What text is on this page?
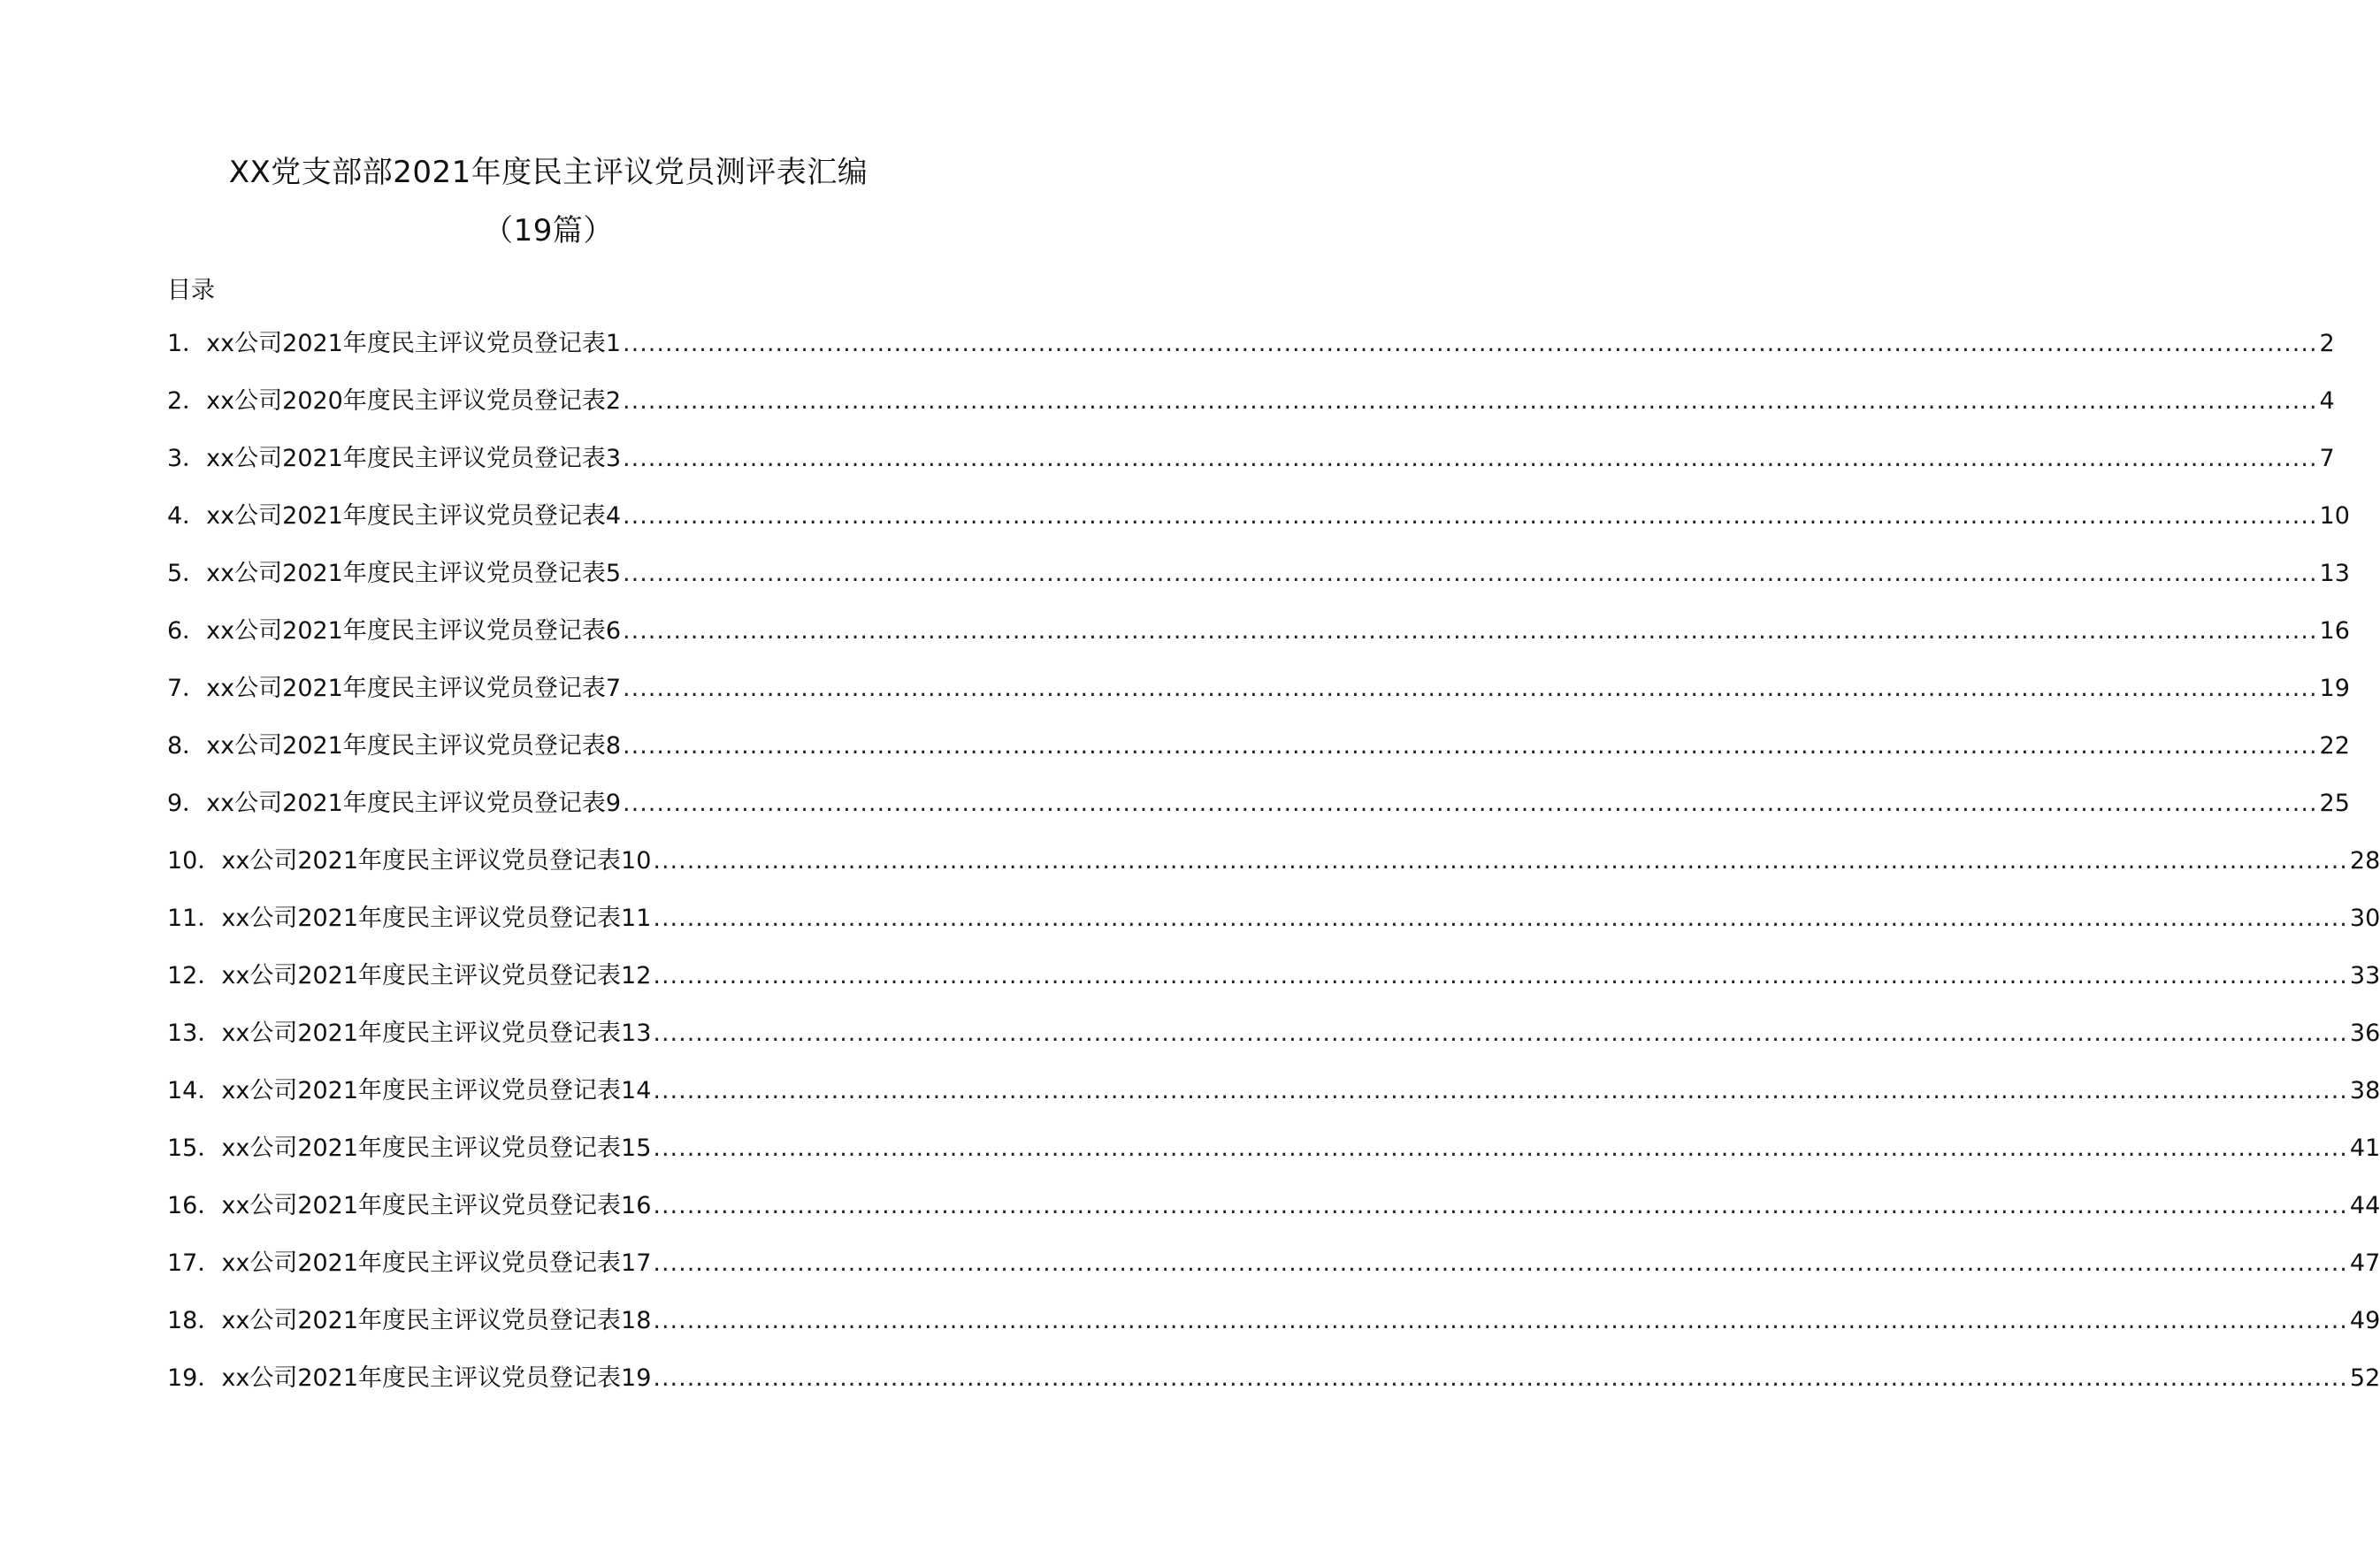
XX党支部部2021年度民主评议党员测评表汇编
（19篇）
目录
1．xx公司2021年度民主评议党员登记表1 ........................................................................................................................................................................................................ 2
2．xx公司2020年度民主评议党员登记表2 ........................................................................................................................................................................................................ 4
3．xx公司2021年度民主评议党员登记表3 ........................................................................................................................................................................................................ 7
4．xx公司2021年度民主评议党员登记表4 ........................................................................................................................................................................................................ 10
5．xx公司2021年度民主评议党员登记表5 ........................................................................................................................................................................................................ 13
6．xx公司2021年度民主评议党员登记表6 ........................................................................................................................................................................................................ 16
7．xx公司2021年度民主评议党员登记表7 ........................................................................................................................................................................................................ 19
8．xx公司2021年度民主评议党员登记表8 ........................................................................................................................................................................................................ 22
9．xx公司2021年度民主评议党员登记表9 ........................................................................................................................................................................................................ 25
10．xx公司2021年度民主评议党员登记表10 ........................................................................................................................................................................................................ 28
11．xx公司2021年度民主评议党员登记表11 ........................................................................................................................................................................................................ 30
12．xx公司2021年度民主评议党员登记表12 ........................................................................................................................................................................................................ 33
13．xx公司2021年度民主评议党员登记表13 ........................................................................................................................................................................................................ 36
14．xx公司2021年度民主评议党员登记表14 ........................................................................................................................................................................................................ 38
15．xx公司2021年度民主评议党员登记表15 ........................................................................................................................................................................................................ 41
16．xx公司2021年度民主评议党员登记表16 ........................................................................................................................................................................................................ 44
17．xx公司2021年度民主评议党员登记表17 ........................................................................................................................................................................................................ 47
18．xx公司2021年度民主评议党员登记表18 ........................................................................................................................................................................................................ 49
19．xx公司2021年度民主评议党员登记表19 ........................................................................................................................................................................................................ 52
